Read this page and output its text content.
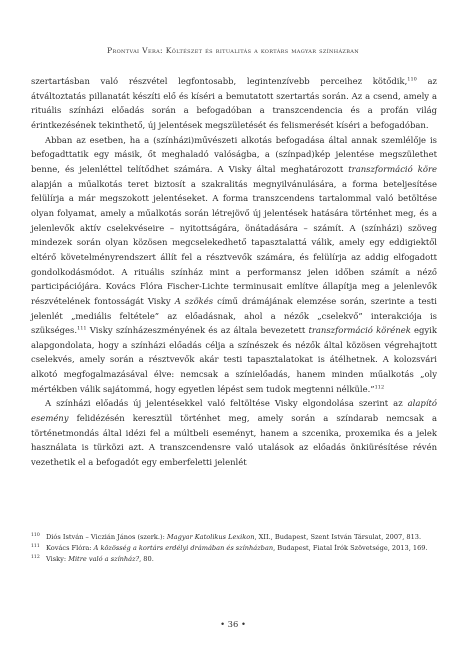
Prontvai Vera: Költészet és ritualitás a kortárs magyar színházban

szertartásban való részvétel legfontosabb, legintenzívebb perceihez kötődik,$^{110}$ az átváltoztatás pillanatát készíti elő és kíséri a bemutatott szertartás során. Az a csend, amely a rituális színházi előadás során a befogadóban a transzcendencia és a profán világ érintkezésének tekinthető, új jelentések megszületését és felismerését kíséri a befogadóban.

Abban az esetben, ha a (színházi)művészeti alkotás befogadása által annak szemlélője is befogadttatik egy másik, őt meghaladó valóságba, a (színpad)kép jelentése megszülethet benne, és jelenléttel telítődhet számára. A Visky által meghatározott transzformáció köre alapján a műalkotás teret biztosít a szakralitás megnyilvánulására, a forma beteljesítése felülírja a már megszokott jelentéseket. A forma transzcendens tartalommal való betöltése olyan folyamat, amely a műalkotás során létrejövő új jelentések hatására történhet meg, és a jelenlevők aktív cselekvéseire – nyitottságára, önátadására – számít. A (színházi) szöveg mindezek során olyan közösen megcselekedhető tapasztalattá válik, amely egy eddigiektől eltérő követelményrendszert állít fel a résztvevők számára, és felülírja az addig elfogadott gondolkodásmódot. A rituális színház mint a performansz jelen időben számít a néző participációjára. Kovács Flóra Fischer-Lichte terminusait említve állapítja meg a jelenlevők részvételének fontosságát Visky A szökés című drámájának elemzése során, szerinte a testi jelenlét „mediális feltétele” az előadásnak, ahol a nézők „cselekvő” interakciója is szükséges.$^{111}$ Visky színházeszményének és az általa bevezetett transzformáció körének egyik alapgondolata, hogy a színházi előadás célja a színészek és nézők által közösen végrehajtott cselekvés, amely során a résztvevők akár testi tapasztalatokat is átélhetnek. A kolozsvári alkotó megfogalmazásával élve: nemcsak a színielőadás, hanem minden műalkotás „oly mértékben válik sajátommá, hogy egyetlen lépést sem tudok megtenni nélküle.”$^{112}$

A színházi előadás új jelentésekkel való feltöltése Visky elgondolása szerint az alapító esemény felidézésén keresztül történhet meg, amely során a színdarab nemcsak a történetmondás által idézi fel a múltbeli eseményt, hanem a szcenika, proxemika és a jelek használata is türközi azt. A transzcendensre való utalások az előadás önkiürésítése révén vezethetik el a befogadót egy emberfeletti jelenlét

110 Diós István – Viczián János (szerk.): Magyar Katolikus Lexikon, XII., Budapest, Szent István Társulat, 2007, 813.
111 Kovács Flóra: A közösség a kortárs erdélyi drámában és színházban, Budapest, Fiatal Írók Szövetsége, 2013, 169.
112 Visky: Mitre való a színház?, 80.
• 36 •
